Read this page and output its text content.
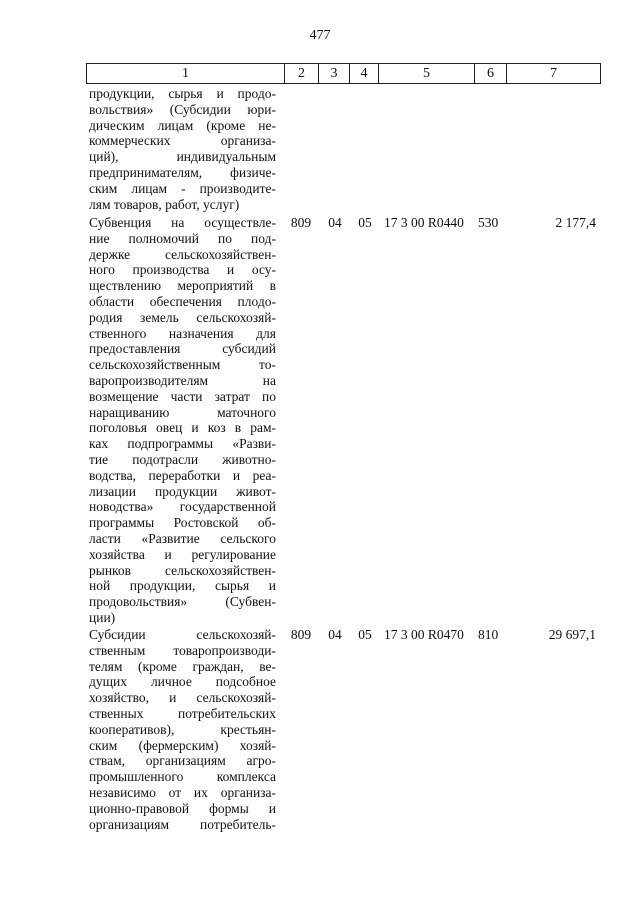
477
1	2	3	4	5	6	7
продукции, сырья и продо-
вольствия» (Субсидии юри-
дическим лицам (кроме не-
коммерческих организа-
ций), индивидуальным
предпринимателям, физиче-
ским лицам - производите-
лям товаров, работ, услуг)
Субвенция на осуществле-
ние полномочий по под-
держке сельскохозяйствен-
ного производства и осу-
ществлению мероприятий в
области обеспечения плодо-
родия земель сельскохозяй-
ственного назначения для
предоставления субсидий
сельскохозяйственным то-
варопроизводителям на
возмещение части затрат по
наращиванию маточного
поголовья овец и коз в рам-
ках подпрограммы «Разви-
тие подотрасли животно-
водства, переработки и реа-
лизации продукции живот-
новодства» государственной
программы Ростовской об-
ласти «Развитие сельского
хозяйства и регулирование
рынков сельскохозяйствен-
ной продукции, сырья и
продовольствия» (Субвен-
ции)
809	04	05 17 3 00 R0440	530	2 177,4
Субсидии сельскохозяй-
ственным товаропроизводи-
телям (кроме граждан, ве-
дущих личное подсобное
хозяйство, и сельскохозяй-
ственных потребительских
кооперативов), крестьян-
ским (фермерским) хозяй-
ствам, организациям агро-
промышленного комплекса
независимо от их организа-
ционно-правовой формы и
организациям потребитель-
809	04	05 17 3 00 R0470	810	29 697,1
